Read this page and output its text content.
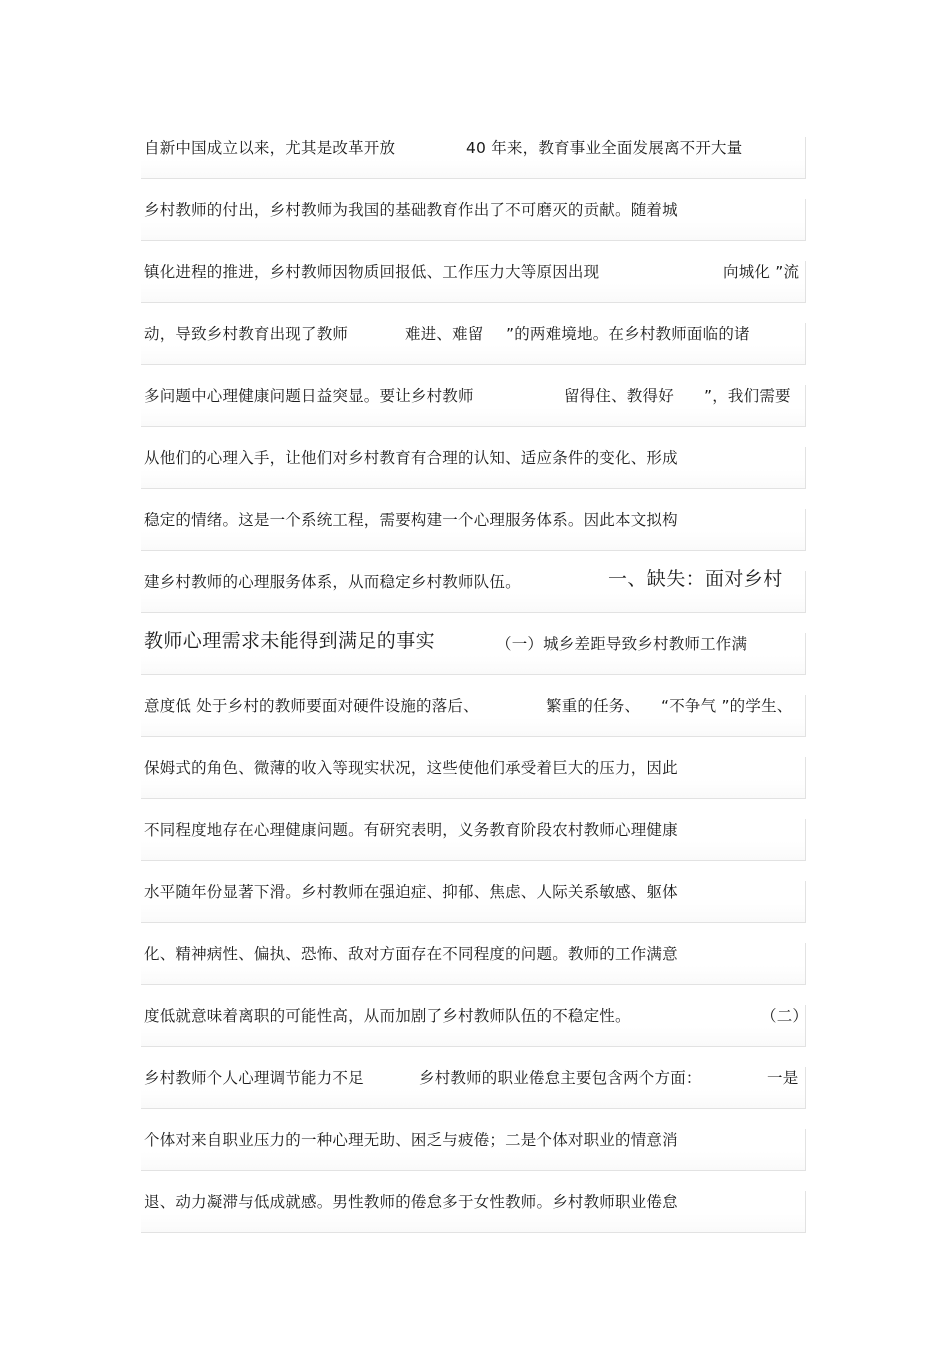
自新中国成立以来，尤其是改革开放	40 年来，教育事业全面发展离不开大量
乡村教师的付出，乡村教师为我国的基础教育作出了不可磨灭的贡献。随着城
镇化进程的推进，乡村教师因物质回报低、工作压力大等原因出现	向城化 ”流
动，导致乡村教育出现了教师	难进、难留 ”的两难境地。在乡村教师面临的诸
多问题中心理健康问题日益突显。要让乡村教师	留得住、教得好 ”，我们需要
从他们的心理入手，让他们对乡村教育有合理的认知、适应条件的变化、形成
稳定的情绪。这是一个系统工程，需要构建一个心理服务体系。因此本文拟构
建乡村教师的心理服务体系，从而稳定乡村教师队伍。	一、缺失：面对乡村
教师心理需求未能得到满足的事实	（一）城乡差距导致乡村教师工作满
意度低 处于乡村的教师要面对硬件设施的落后、	繁重的任务、 “不争气 ”的学生、
保姆式的角色、微薄的收入等现实状况，这些使他们承受着巨大的压力，因此
不同程度地存在心理健康问题。有研究表明，义务教育阶段农村教师心理健康
水平随年份显著下滑。乡村教师在强迫症、抑郁、焦虑、人际关系敏感、躯体
化、精神病性、偏执、恐怖、敌对方面存在不同程度的问题。教师的工作满意
度低就意味着离职的可能性高，从而加剧了乡村教师队伍的不稳定性。	（二）
乡村教师个人心理调节能力不足	乡村教师的职业倦怠主要包含两个方面：	一是
个体对来自职业压力的一种心理无助、困乏与疲倦；二是个体对职业的情意消
退、动力凝滞与低成就感。男性教师的倦怠多于女性教师。乡村教师职业倦怠
